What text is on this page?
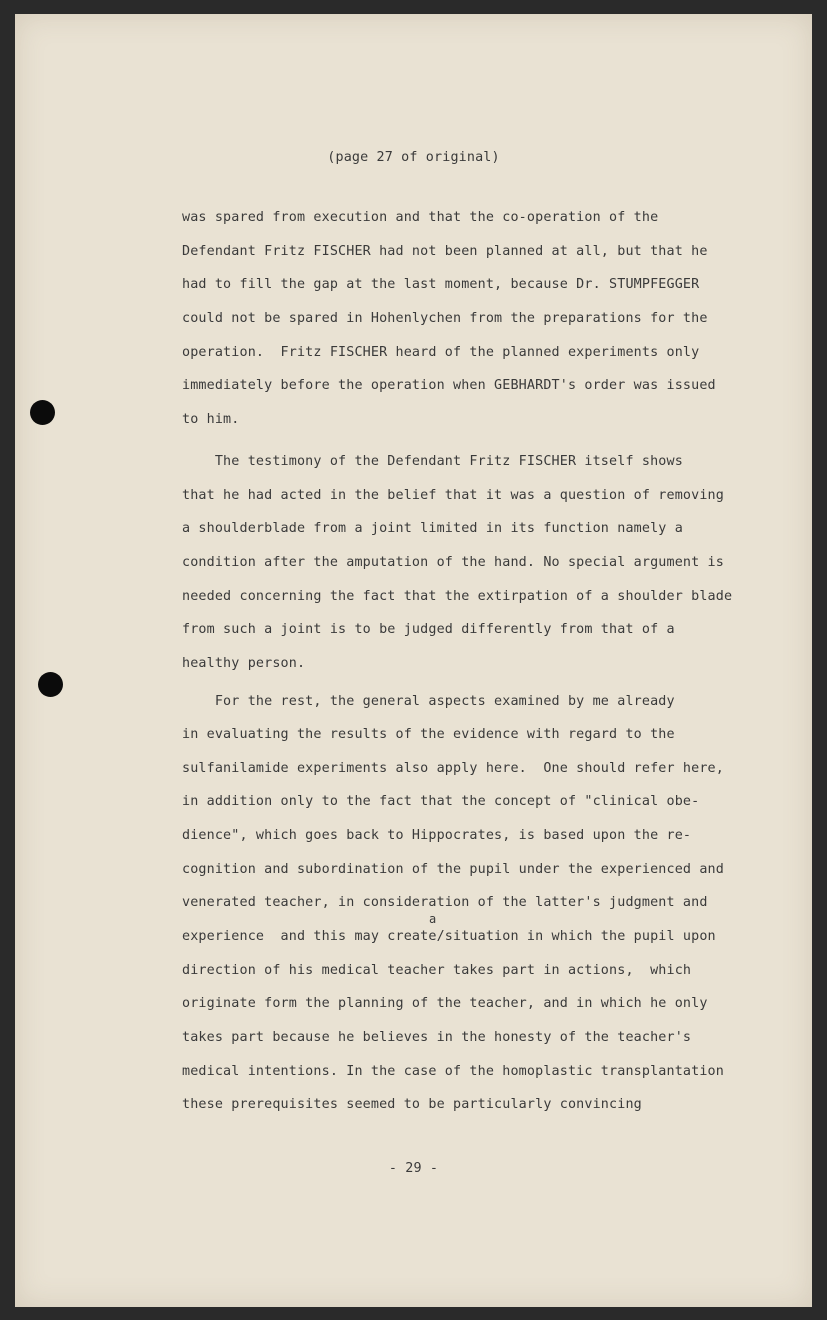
(page 27 of original)
was spared from execution and that the co-operation of the
Defendant Fritz FISCHER had not been planned at all, but that he
had to fill the gap at the last moment, because Dr. STUMPFEGGER
could not be spared in Hohenlychen from the preparations for the
operation.  Fritz FISCHER heard of the planned experiments only
immediately before the operation when GEBHARDT's order was issued
to him.
The testimony of the Defendant Fritz FISCHER itself shows
that he had acted in the belief that it was a question of removing
a shoulderblade from a joint limited in its function namely a
condition after the amputation of the hand. No special argument is
needed concerning the fact that the extirpation of a shoulder blade
from such a joint is to be judged differently from that of a
healthy person.
For the rest, the general aspects examined by me already
in evaluating the results of the evidence with regard to the
sulfanilamide experiments also apply here.  One should refer here,
in addition only to the fact that the concept of "clinical obe-
dience", which goes back to Hippocrates, is based upon the re-
cognition and subordination of the pupil under the experienced and
venerated teacher, in consideration of the latter's judgment and
a
experience  and this may create/situation in which the pupil upon
direction of his medical teacher takes part in actions,  which
originate form the planning of the teacher, and in which he only
takes part because he believes in the honesty of the teacher's
medical intentions. In the case of the homoplastic transplantation
these prerequisites seemed to be particularly convincing
- 29 -
